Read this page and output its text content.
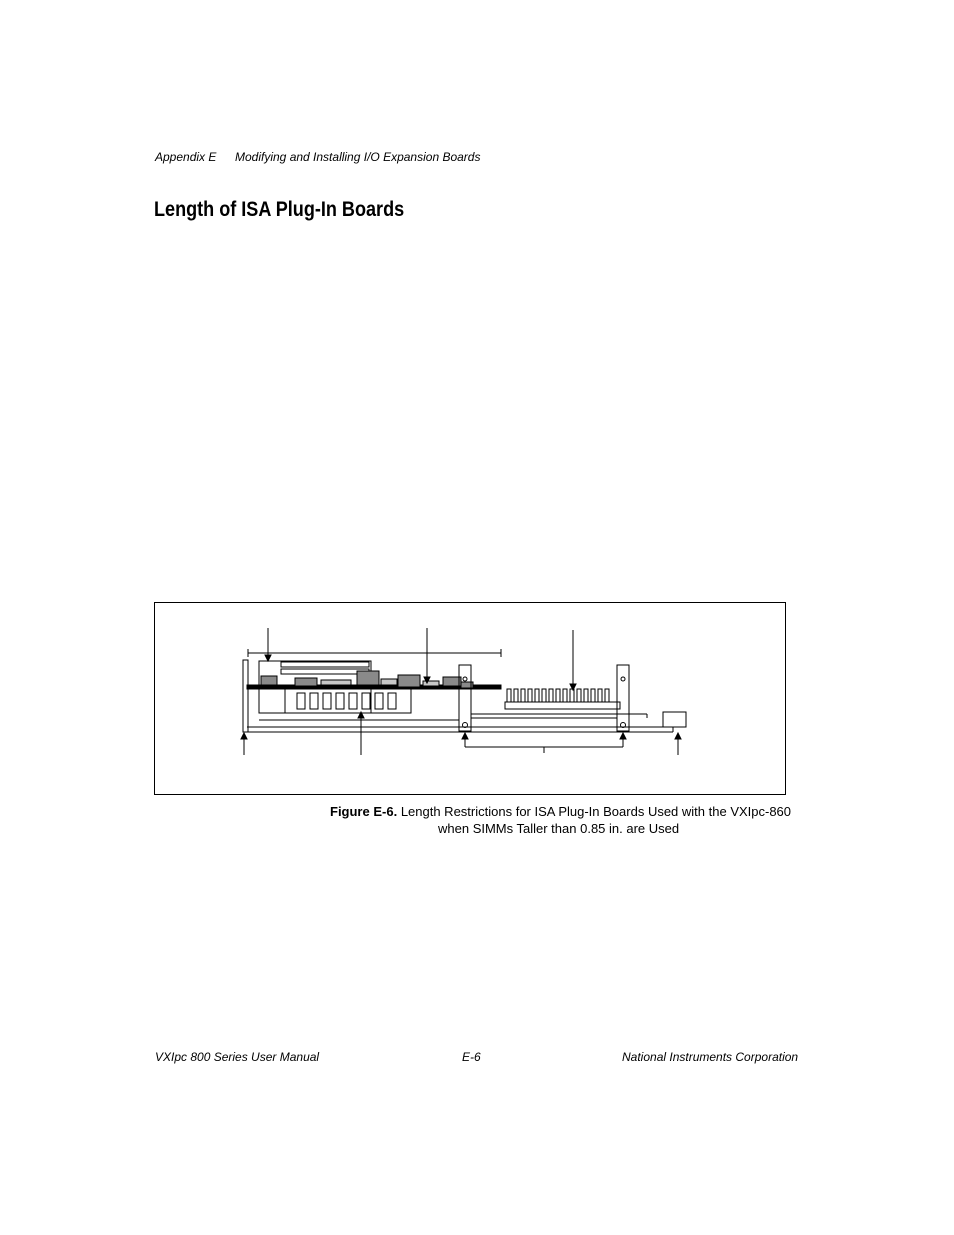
Appendix E Modifying and Installing I/O Expansion Boards
Length of ISA Plug-In Boards
Figure E-6. Length Restrictions for ISA Plug-In Boards Used with the VXIpc-860
when SIMMs Taller than 0.85 in. are Used
VXIpc 800 Series User Manual	E-6	National Instruments Corporation
